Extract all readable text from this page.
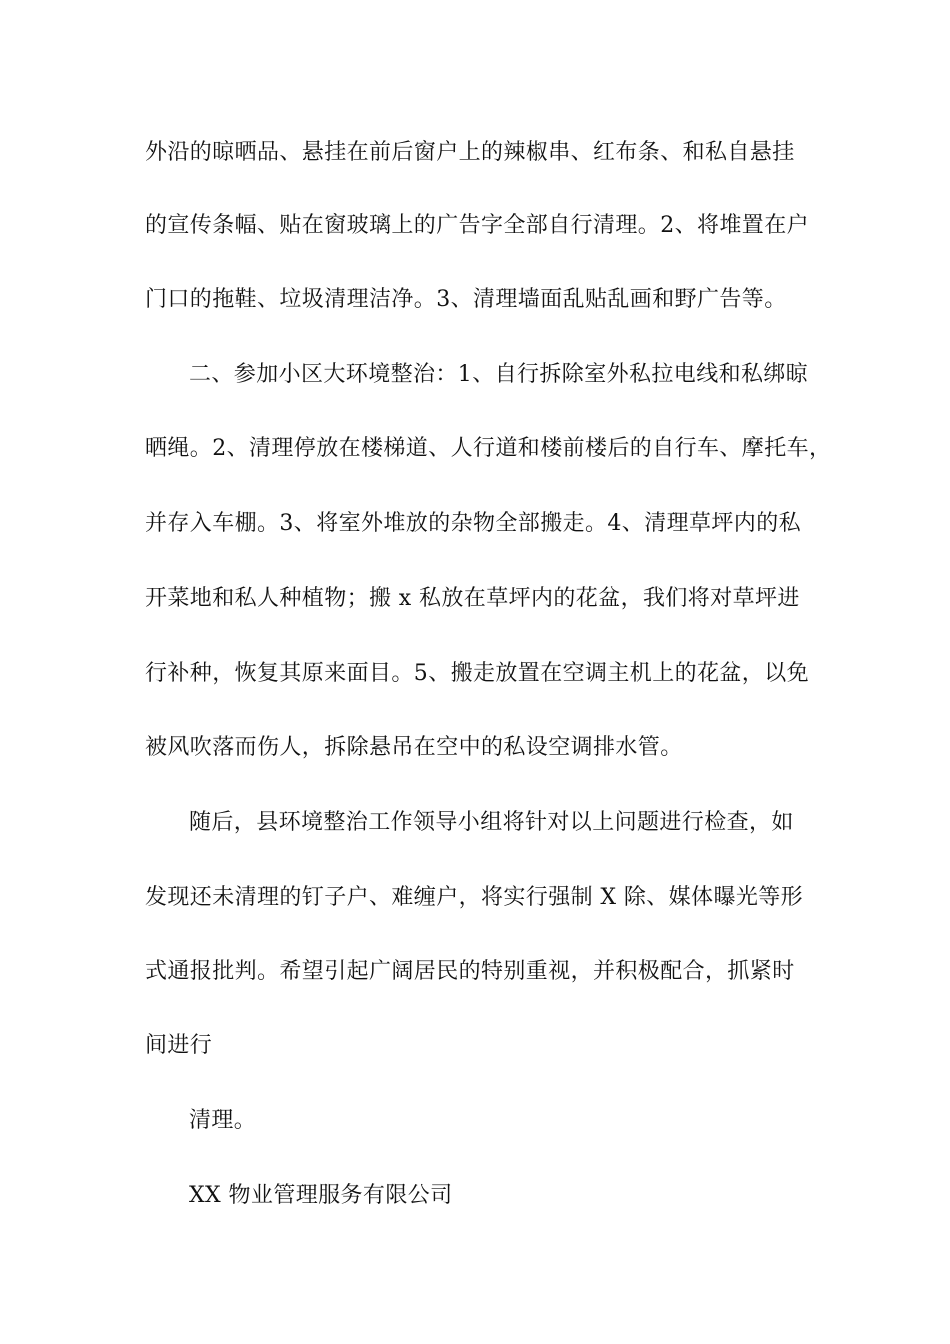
外沿的晾晒品、悬挂在前后窗户上的辣椒串、红布条、和私自悬挂
的宣传条幅、贴在窗玻璃上的广告字全部自行清理。2、将堆置在户
门口的拖鞋、垃圾清理洁净。3、清理墙面乱贴乱画和野广告等。
二、参加小区大环境整治：1、自行拆除室外私拉电线和私绑晾
晒绳。2、清理停放在楼梯道、人行道和楼前楼后的自行车、摩托车，
并存入车棚。3、将室外堆放的杂物全部搬走。4、清理草坪内的私
开菜地和私人种植物；搬 x 私放在草坪内的花盆，我们将对草坪进
行补种，恢复其原来面目。5、搬走放置在空调主机上的花盆，以免
被风吹落而伤人，拆除悬吊在空中的私设空调排水管。
随后，县环境整治工作领导小组将针对以上问题进行检查，如
发现还未清理的钉子户、难缠户，将实行强制 X 除、媒体曝光等形
式通报批判。希望引起广阔居民的特别重视，并积极配合，抓紧时
间进行
清理。
XX 物业管理服务有限公司
